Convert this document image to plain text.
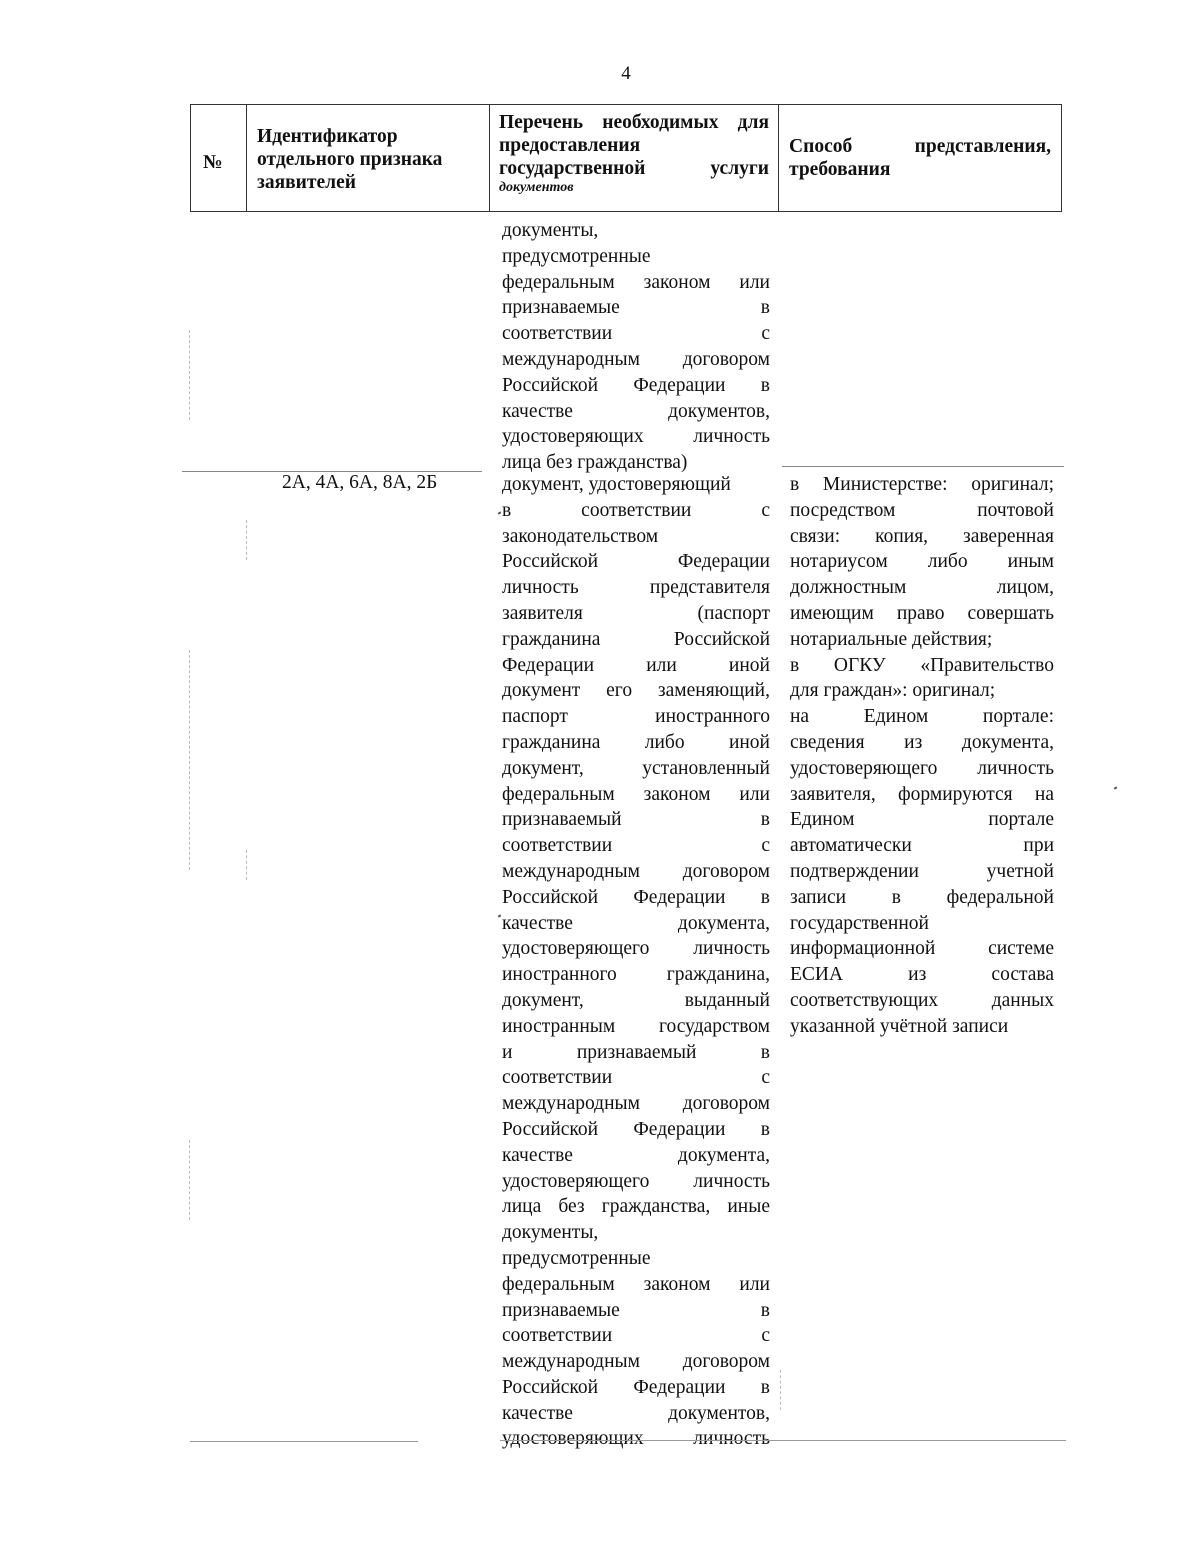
4
№
Идентификатор отдельного признака заявителей
Перечень необходимых для предоставления государственной услуги
документов
Способ представления,
требования
документы,
предусмотренные
федеральным законом или
признаваемые в
соответствии с
международным договором
Российской Федерации в
качестве документов,
удостоверяющих личность
лица без гражданства)
2А, 4А, 6А, 8А, 2Б	документ, удостоверяющий
в соответствии с
законодательством
Российской Федерации
личность представителя
заявителя (паспорт
гражданина Российской
Федерации или иной
документ его заменяющий,
паспорт иностранного
гражданина либо иной
документ, установленный
федеральным законом или
признаваемый в
соответствии с
международным договором
Российской Федерации в
качестве документа,
удостоверяющего личность
иностранного гражданина,
документ, выданный
иностранным государством
и признаваемый в
соответствии с
международным договором
Российской Федерации в
качестве документа,
удостоверяющего личность
лица без гражданства, иные
документы,
предусмотренные
федеральным законом или
признаваемые в
соответствии с
международным договором
Российской Федерации в
качестве документов,
удостоверяющих личность
в Министерстве: оригинал;
посредством почтовой
связи: копия, заверенная
нотариусом либо иным
должностным лицом,
имеющим право совершать
нотариальные действия;
в ОГКУ «Правительство
для граждан»: оригинал;
на Едином портале:
сведения из документа,
удостоверяющего личность
заявителя, формируются на
Едином портале
автоматически при
подтверждении учетной
записи в федеральной
государственной
информационной системе
ЕСИА из состава
соответствующих данных
указанной учётной записи
